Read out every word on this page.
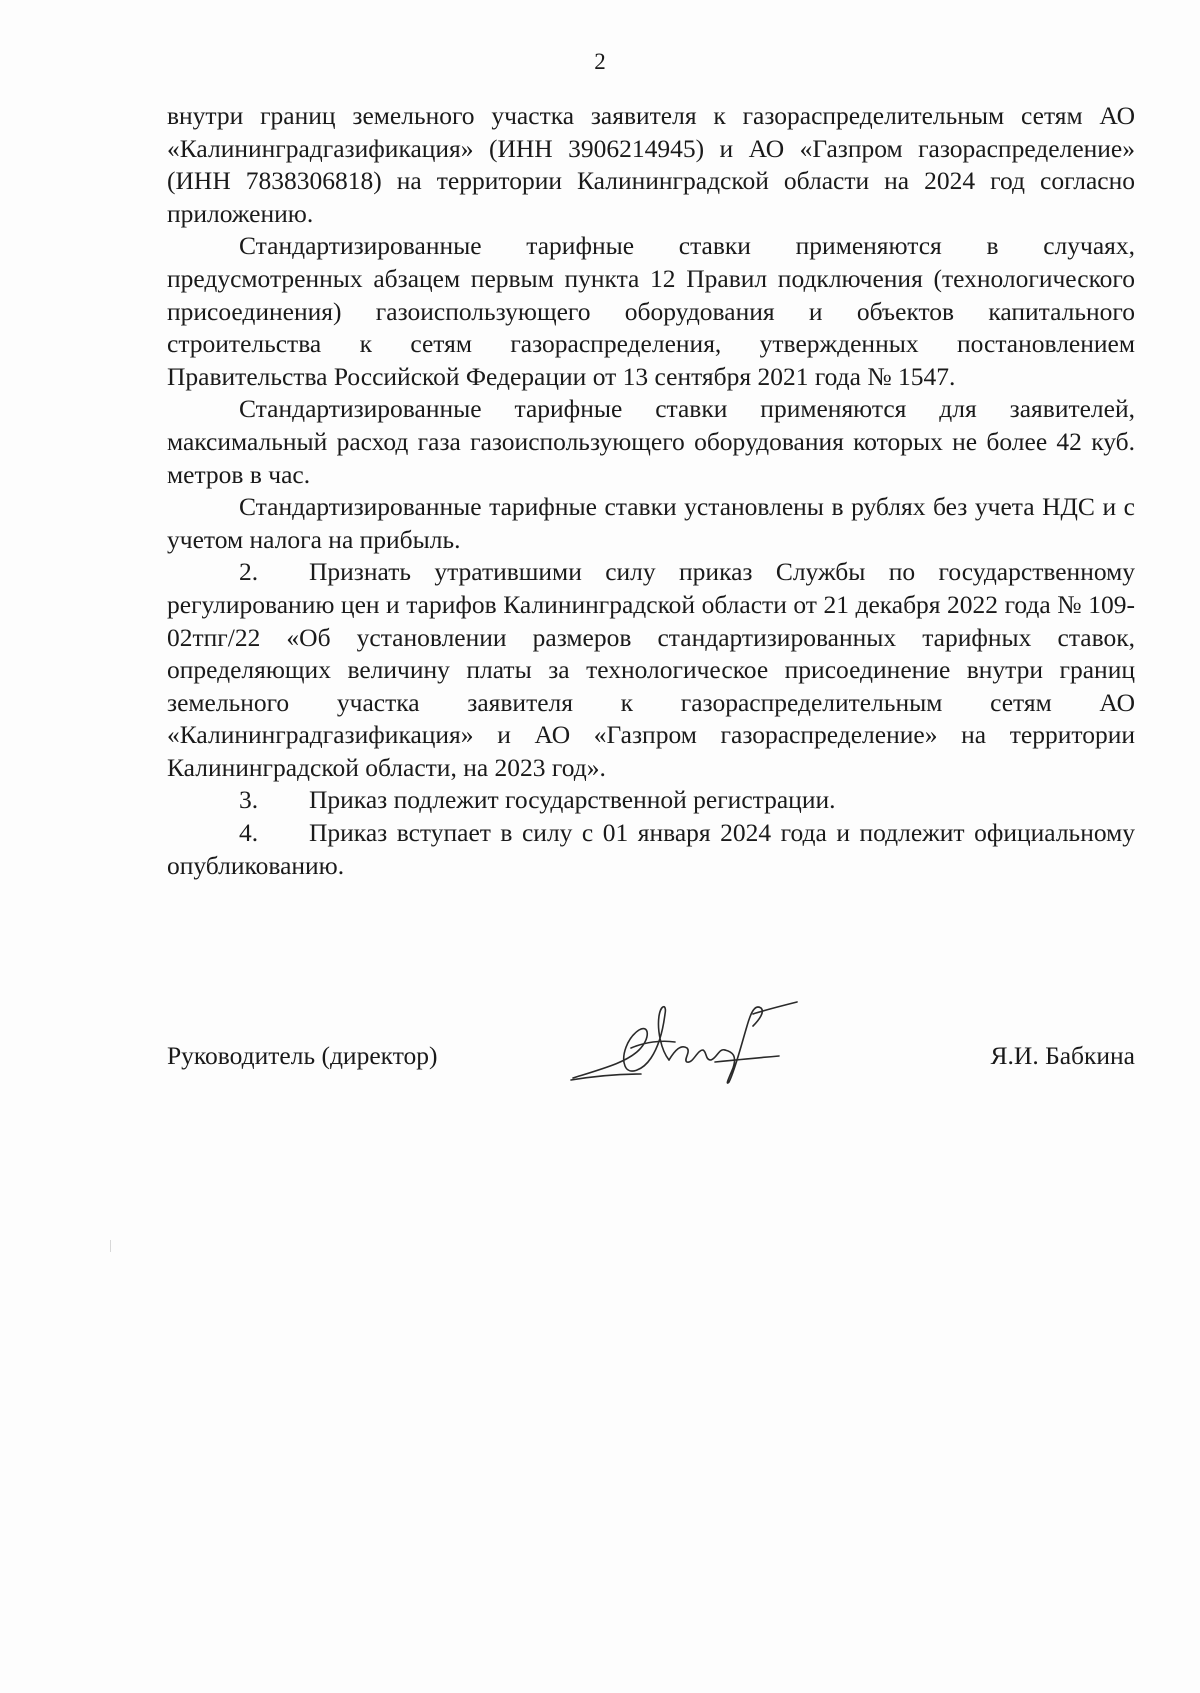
2

внутри границ земельного участка заявителя к газораспределительным сетям АО «Калининградгазификация» (ИНН 3906214945) и АО «Газпром газораспределение» (ИНН 7838306818) на территории Калининградской области на 2024 год согласно приложению.

Стандартизированные тарифные ставки применяются в случаях, предусмотренных абзацем первым пункта 12 Правил подключения (технологического присоединения) газоиспользующего оборудования и объектов капитального строительства к сетям газораспределения, утвержденных постановлением Правительства Российской Федерации от 13 сентября 2021 года № 1547.

Стандартизированные тарифные ставки применяются для заявителей, максимальный расход газа газоиспользующего оборудования которых не более 42 куб. метров в час.

Стандартизированные тарифные ставки установлены в рублях без учета НДС и с учетом налога на прибыль.

2. Признать утратившими силу приказ Службы по государственному регулированию цен и тарифов Калининградской области от 21 декабря 2022 года № 109-02тпг/22 «Об установлении размеров стандартизированных тарифных ставок, определяющих величину платы за технологическое присоединение внутри границ земельного участка заявителя к газораспределительным сетям АО «Калининградгазификация» и АО «Газпром газораспределение» на территории Калининградской области, на 2023 год».

3. Приказ подлежит государственной регистрации.

4. Приказ вступает в силу с 01 января 2024 года и подлежит официальному опубликованию.

Руководитель (директор)	Я.И. Бабкина
